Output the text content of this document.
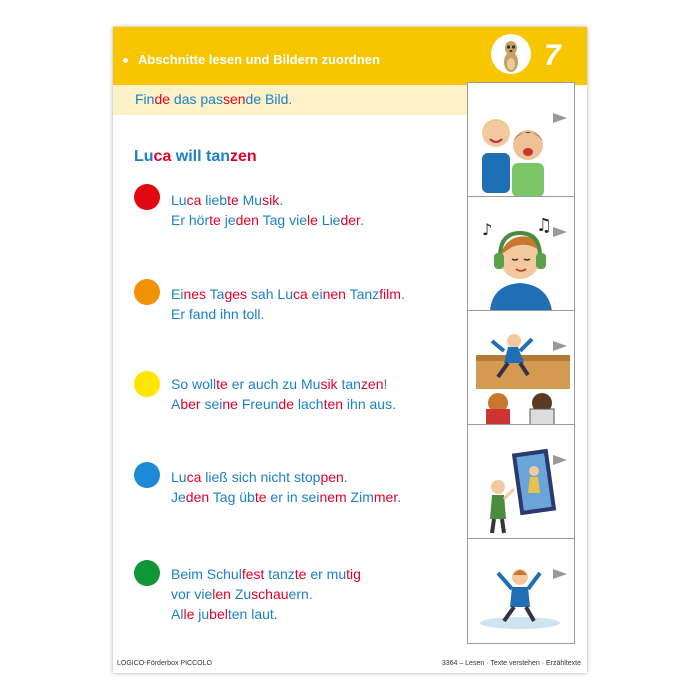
Abschnitte lesen und Bildern zuordnen	7
Finde das passende Bild.
Luca will tanzen
Luca liebte Musik.
Er hörte jeden Tag viele Lieder.
Eines Tages sah Luca einen Tanzfilm.
Er fand ihn toll.
So wollte er auch zu Musik tanzen!
Aber seine Freunde lachten ihn aus.
Luca ließ sich nicht stoppen.
Jeden Tag übte er in seinem Zimmer.
Beim Schulfest tanzte er mutig
vor vielen Zuschauern.
Alle jubelten laut.
♪ ♫
LOGICO-Förderbox PICCOLO	3364 – Lesen · Texte verstehen · Erzähltexte
